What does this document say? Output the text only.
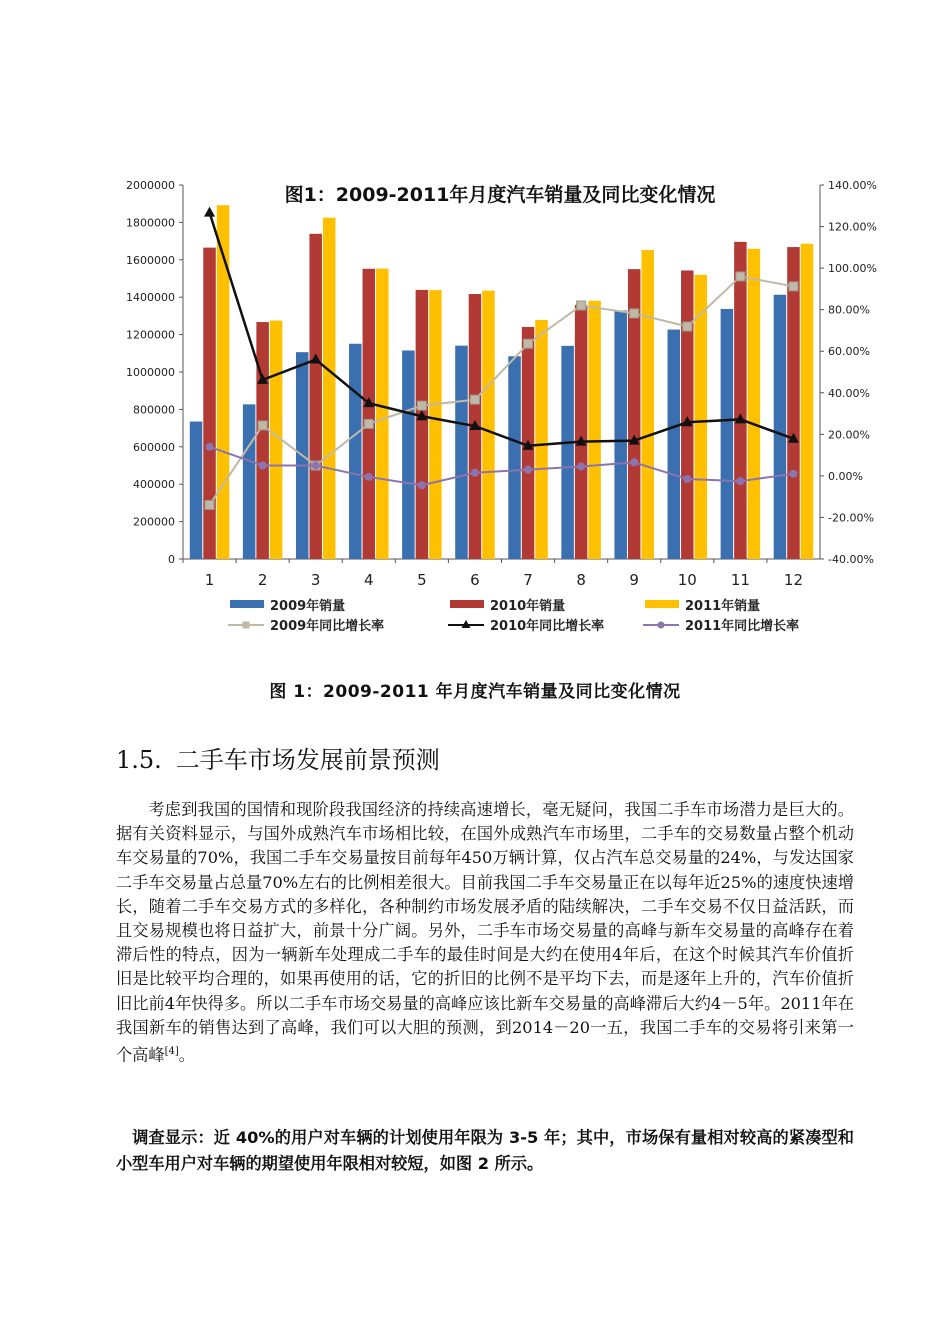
图1：2009-2011年月度汽车销量及同比变化情况
0
200000
400000
600000
800000
1000000
1200000
1400000
1600000
1800000
2000000
-40.00%
-20.00%
0.00%
20.00%
40.00%
60.00%
80.00%
100.00%
120.00%
140.00%
1	2	3	4	5	6	7	8	9	10 11 12
2009年销量	2010年销量	2011年销量
2009年同比增长率	2010年同比增长率	2011年同比增长率
图 1：2009-2011 年月度汽车销量及同比变化情况
1.5. 二手车市场发展前景预测

考虑到我国的国情和现阶段我国经济的持续高速增长，毫无疑问，我国二手车市场潜力是巨大的。据有关资料显示，与国外成熟汽车市场相比较，在国外成熟汽车市场里，二手车的交易数量占整个机动车交易量的70%，我国二手车交易量按目前每年450万辆计算，仅占汽车总交易量的24%，与发达国家二手车交易量占总量70%左右的比例相差很大。目前我国二手车交易量正在以每年近25%的速度快速增长，随着二手车交易方式的多样化，各种制约市场发展矛盾的陆续解决，二手车交易不仅日益活跃，而且交易规模也将日益扩大，前景十分广阔。另外，二手车市场交易量的高峰与新车交易量的高峰存在着滞后性的特点，因为一辆新车处理成二手车的最佳时间是大约在使用4年后，在这个时候其汽车价值折旧是比较平均合理的，如果再使用的话，它的折旧的比例不是平均下去，而是逐年上升的，汽车价值折旧比前4年快得多。所以二手车市场交易量的高峰应该比新车交易量的高峰滞后大约4－5年。2011年在我国新车的销售达到了高峰，我们可以大胆的预测，到2014－20一五，我国二手车的交易将引来第一个高峰[4]。

调查显示：近 40%的用户对车辆的计划使用年限为 3-5 年；其中，市场保有量相对较高的紧凑型和小型车用户对车辆的期望使用年限相对较短，如图 2 所示。
